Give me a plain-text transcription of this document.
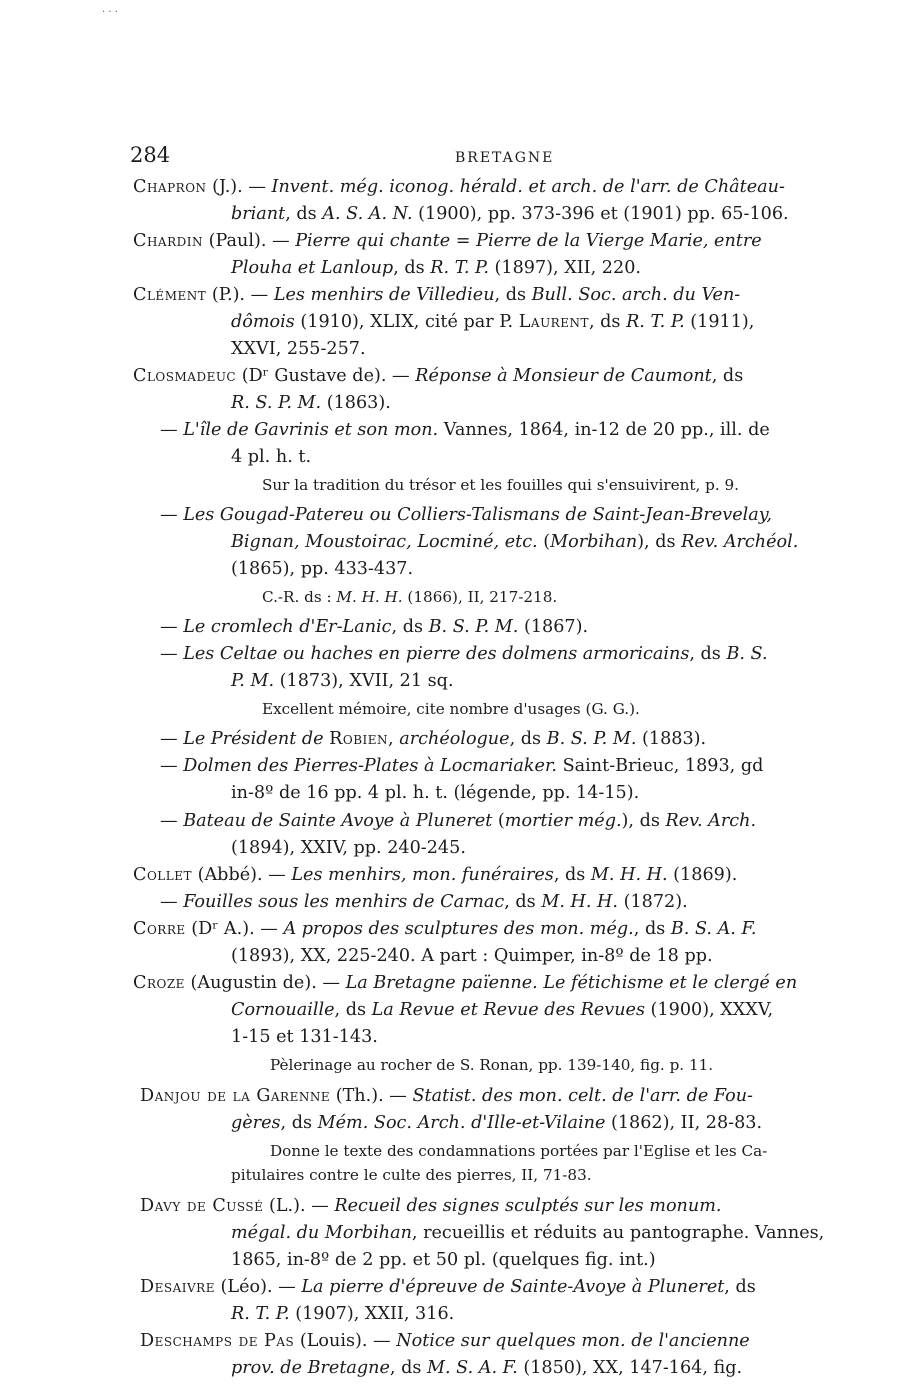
· · ·
284	BRETAGNE
Chapron (J.). — Invent. még. iconog. hérald. et arch. de l'arr. de Château-
briant, ds A. S. A. N. (1900), pp. 373-396 et (1901) pp. 65-106.
Chardin (Paul). — Pierre qui chante = Pierre de la Vierge Marie, entre
Plouha et Lanloup, ds R. T. P. (1897), XII, 220.
Clément (P.). — Les menhirs de Villedieu, ds Bull. Soc. arch. du Ven-
dômois (1910), XLIX, cité par P. Laurent, ds R. T. P. (1911),
XXVI, 255-257.
Closmadeuc (Dʳ Gustave de). — Réponse à Monsieur de Caumont, ds
R. S. P. M. (1863).
— L'île de Gavrinis et son mon. Vannes, 1864, in-12 de 20 pp., ill. de
4 pl. h. t.
Sur la tradition du trésor et les fouilles qui s'ensuivirent, p. 9.
— Les Gougad-Patereu ou Colliers-Talismans de Saint-Jean-Brevelay,
Bignan, Moustoirac, Locminé, etc. (Morbihan), ds Rev. Archéol.
(1865), pp. 433-437.
C.-R. ds : M. H. H. (1866), II, 217-218.
— Le cromlech d'Er-Lanic, ds B. S. P. M. (1867).
— Les Celtae ou haches en pierre des dolmens armoricains, ds B. S.
P. M. (1873), XVII, 21 sq.
Excellent mémoire, cite nombre d'usages (G. G.).
— Le Président de Robien, archéologue, ds B. S. P. M. (1883).
— Dolmen des Pierres-Plates à Locmariaker. Saint-Brieuc, 1893, gd
in-8º de 16 pp. 4 pl. h. t. (légende, pp. 14-15).
— Bateau de Sainte Avoye à Pluneret (mortier még.), ds Rev. Arch.
(1894), XXIV, pp. 240-245.
Collet (Abbé). — Les menhirs, mon. funéraires, ds M. H. H. (1869).
— Fouilles sous les menhirs de Carnac, ds M. H. H. (1872).
Corre (Dʳ A.). — A propos des sculptures des mon. még., ds B. S. A. F.
(1893), XX, 225-240. A part : Quimper, in-8º de 18 pp.
Croze (Augustin de). — La Bretagne païenne. Le fétichisme et le clergé en
Cornouaille, ds La Revue et Revue des Revues (1900), XXXV,
1-15 et 131-143.
Pèlerinage au rocher de S. Ronan, pp. 139-140, fig. p. 11.
Danjou de la Garenne (Th.). — Statist. des mon. celt. de l'arr. de Fou-
gères, ds Mém. Soc. Arch. d'Ille-et-Vilaine (1862), II, 28-83.
Donne le texte des condamnations portées par l'Eglise et les Ca-
pitulaires contre le culte des pierres, II, 71-83.
Davy de Cussé (L.). — Recueil des signes sculptés sur les monum.
mégal. du Morbihan, recueillis et réduits au pantographe. Vannes,
1865, in-8º de 2 pp. et 50 pl. (quelques fig. int.)
Desaivre (Léo). — La pierre d'épreuve de Sainte-Avoye à Pluneret, ds
R. T. P. (1907), XXII, 316.
Deschamps de Pas (Louis). — Notice sur quelques mon. de l'ancienne
prov. de Bretagne, ds M. S. A. F. (1850), XX, 147-164, fig.
